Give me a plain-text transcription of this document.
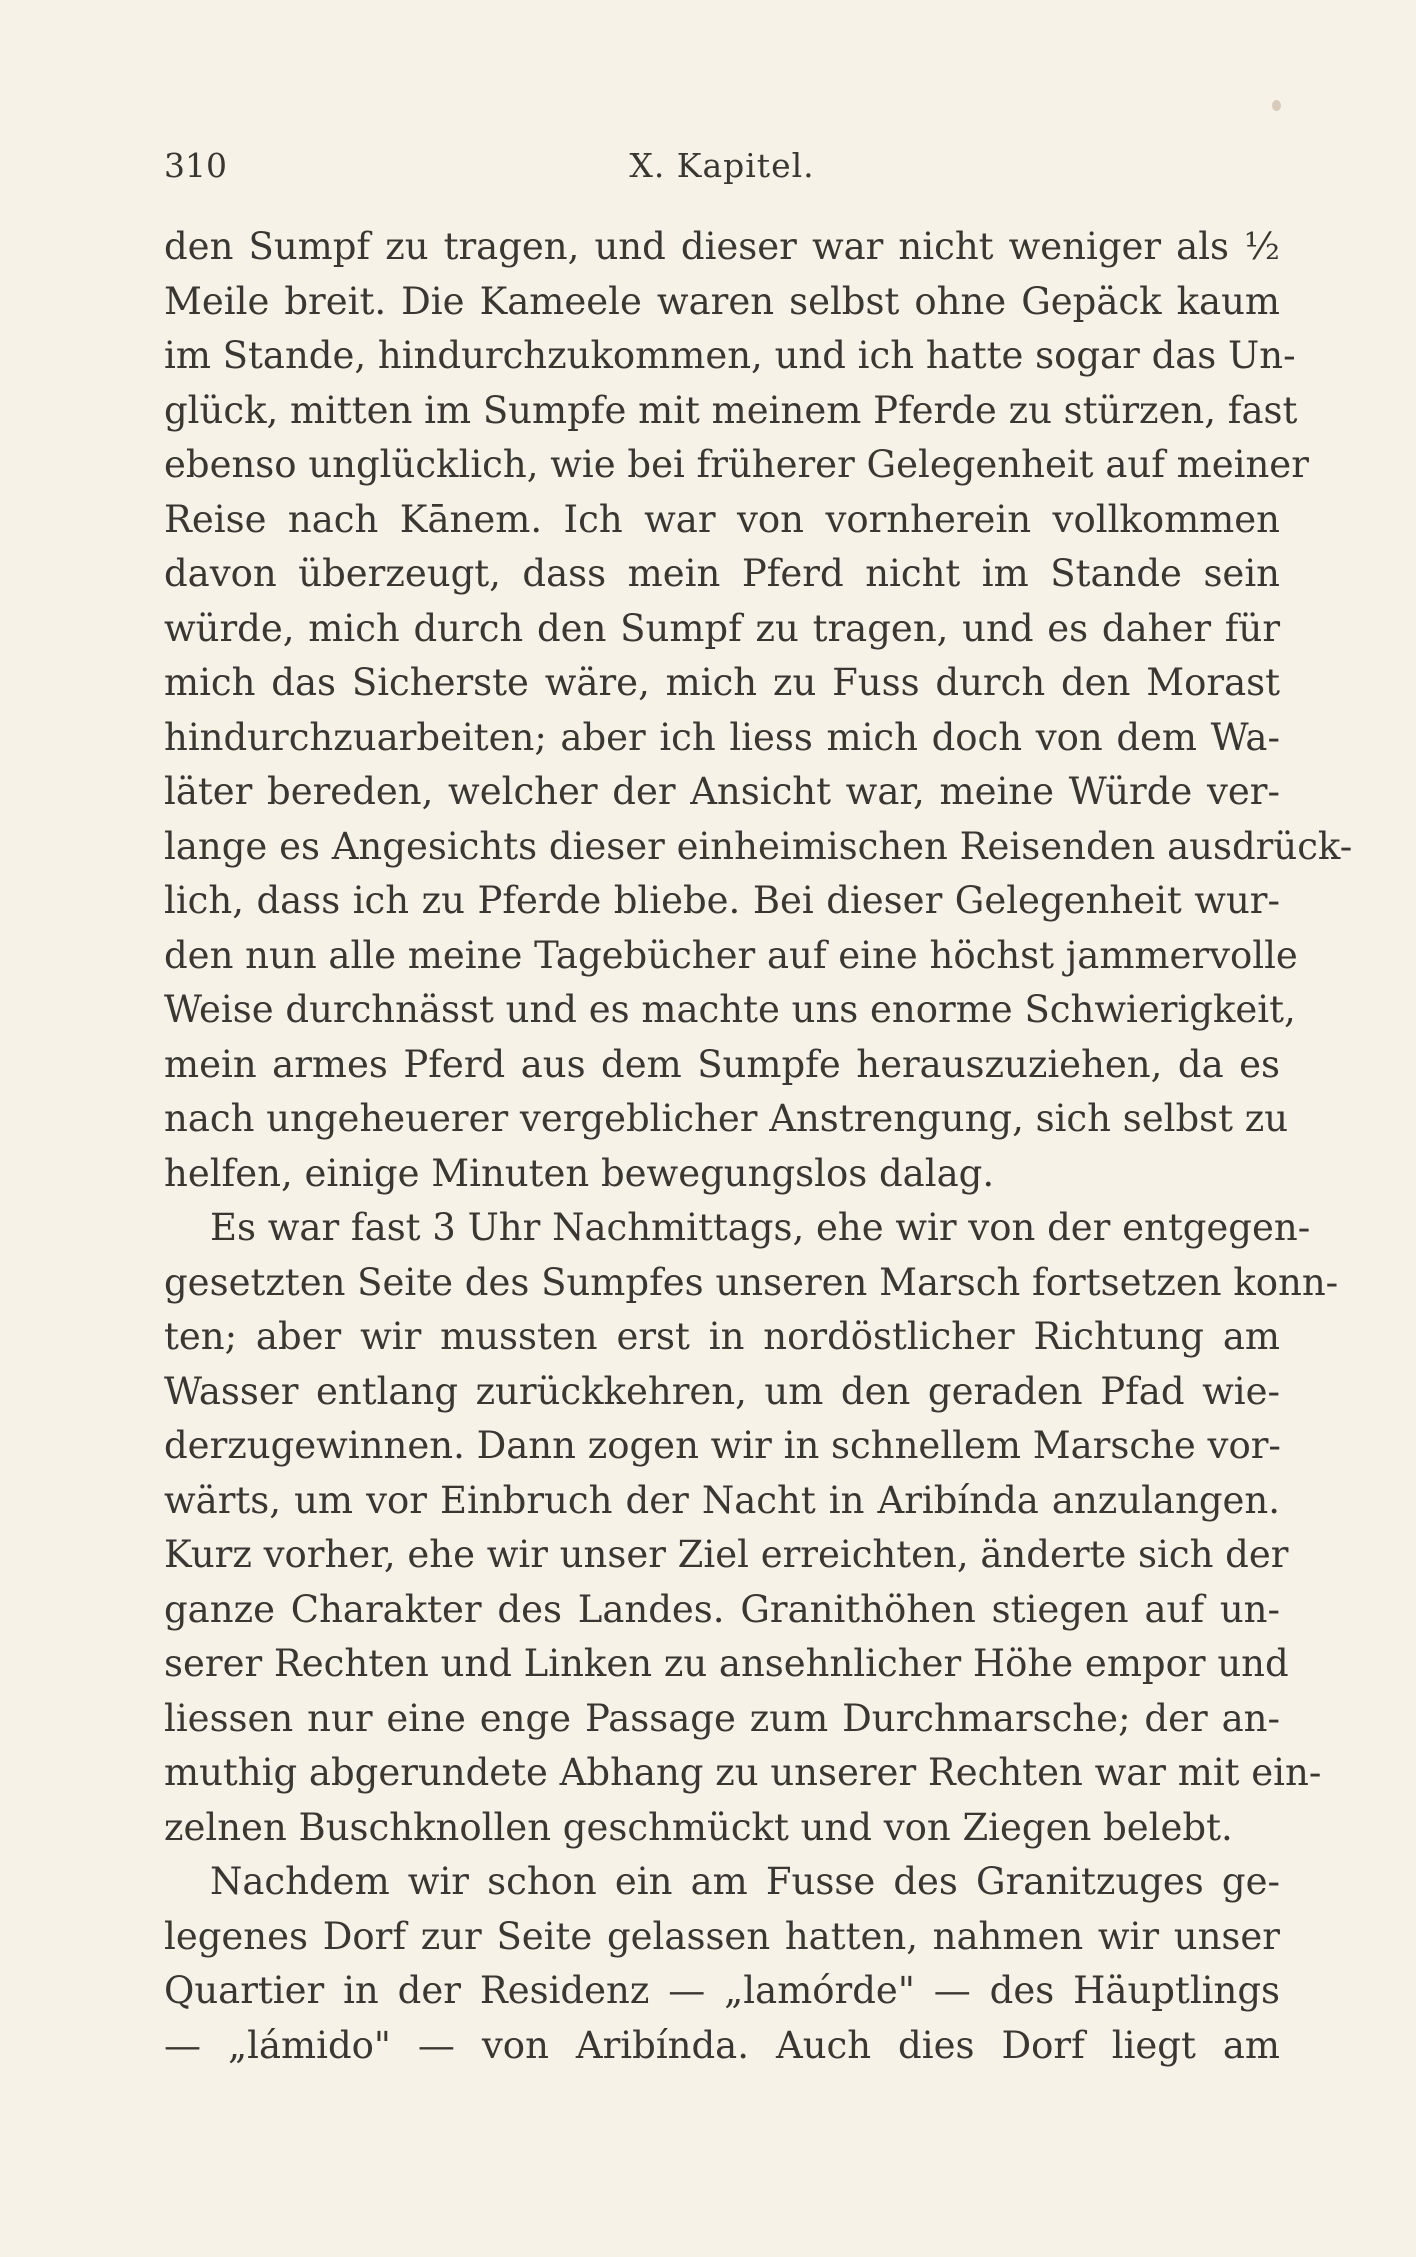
310	X. Kapitel.
den Sumpf zu tragen, und dieser war nicht weniger als ½
Meile breit. Die Kameele waren selbst ohne Gepäck kaum
im Stande, hindurchzukommen, und ich hatte sogar das Un-
glück, mitten im Sumpfe mit meinem Pferde zu stürzen, fast
ebenso unglücklich, wie bei früherer Gelegenheit auf meiner
Reise nach Kānem. Ich war von vornherein vollkommen
davon überzeugt, dass mein Pferd nicht im Stande sein
würde, mich durch den Sumpf zu tragen, und es daher für
mich das Sicherste wäre, mich zu Fuss durch den Morast
hindurchzuarbeiten; aber ich liess mich doch von dem Wa-
läter bereden, welcher der Ansicht war, meine Würde ver-
lange es Angesichts dieser einheimischen Reisenden ausdrück-
lich, dass ich zu Pferde bliebe. Bei dieser Gelegenheit wur-
den nun alle meine Tagebücher auf eine höchst jammervolle
Weise durchnässt und es machte uns enorme Schwierigkeit,
mein armes Pferd aus dem Sumpfe herauszuziehen, da es
nach ungeheuerer vergeblicher Anstrengung, sich selbst zu
helfen, einige Minuten bewegungslos dalag.
Es war fast 3 Uhr Nachmittags, ehe wir von der entgegen-
gesetzten Seite des Sumpfes unseren Marsch fortsetzen konn-
ten; aber wir mussten erst in nordöstlicher Richtung am
Wasser entlang zurückkehren, um den geraden Pfad wie-
derzugewinnen. Dann zogen wir in schnellem Marsche vor-
wärts, um vor Einbruch der Nacht in Aribínda anzulangen.
Kurz vorher, ehe wir unser Ziel erreichten, änderte sich der
ganze Charakter des Landes. Granithöhen stiegen auf un-
serer Rechten und Linken zu ansehnlicher Höhe empor und
liessen nur eine enge Passage zum Durchmarsche; der an-
muthig abgerundete Abhang zu unserer Rechten war mit ein-
zelnen Buschknollen geschmückt und von Ziegen belebt.
Nachdem wir schon ein am Fusse des Granitzuges ge-
legenes Dorf zur Seite gelassen hatten, nahmen wir unser
Quartier in der Residenz — „lamórde" — des Häuptlings
— „lámido" — von Aribínda. Auch dies Dorf liegt am
